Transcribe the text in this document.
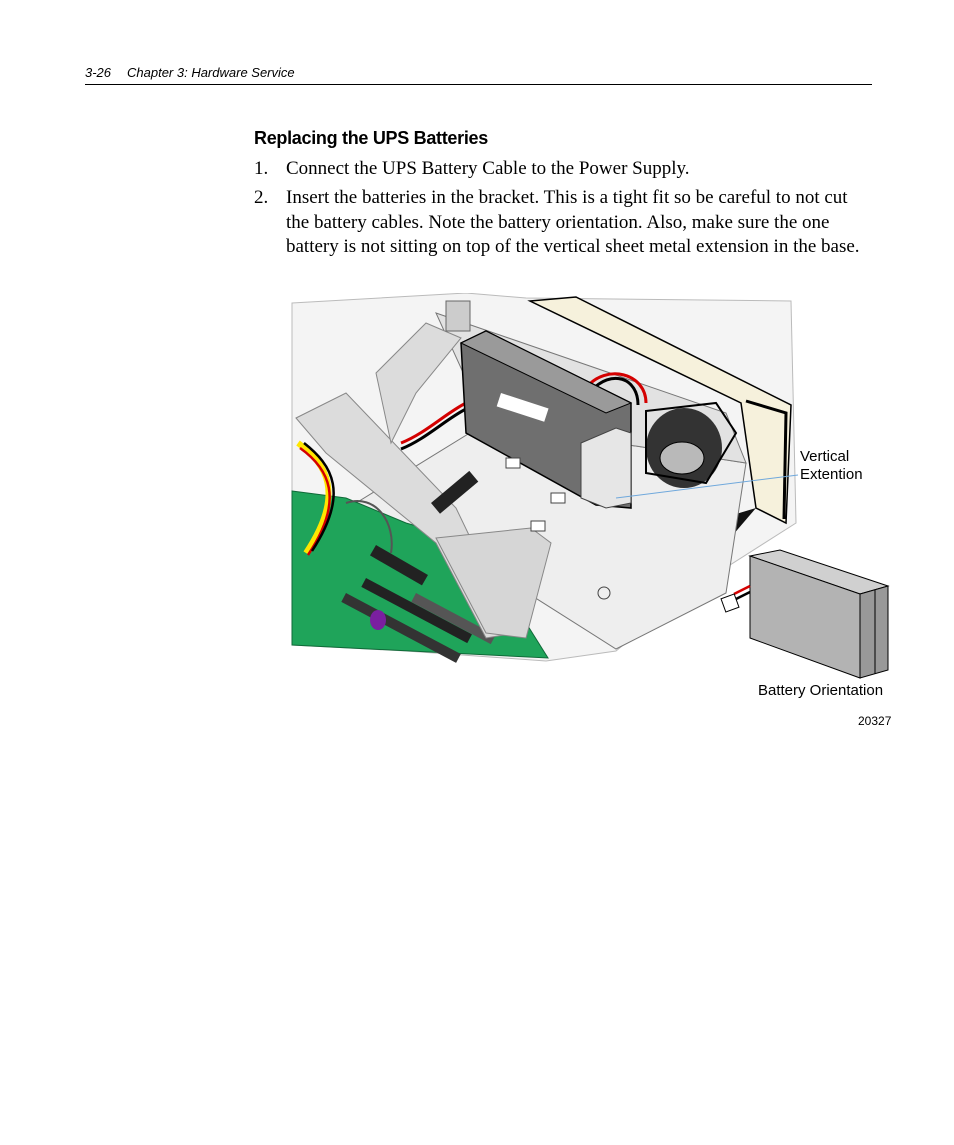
3-26 Chapter 3: Hardware Service
Replacing the UPS Batteries
1. Connect the UPS Battery Cable to the Power Supply.
2. Insert the batteries in the bracket. This is a tight fit so be careful to not cut the battery cables. Note the battery orientation. Also, make sure the one battery is not sitting on top of the vertical sheet metal extension in the base.
Vertical
Extention
Battery Orientation
20327
